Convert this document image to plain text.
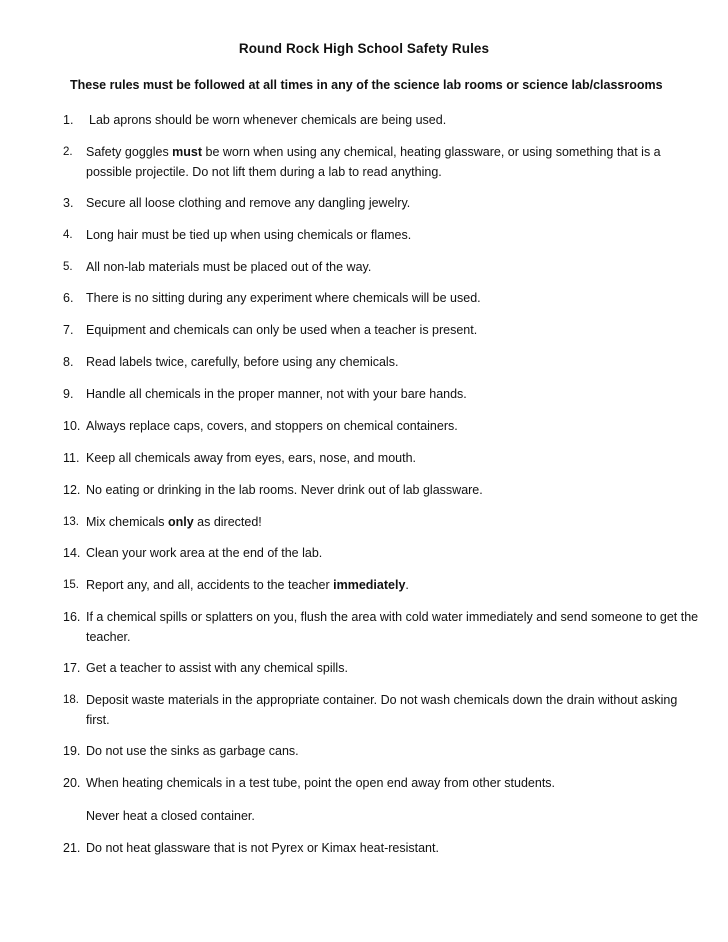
Round Rock High School Safety Rules
These rules must be followed at all times in any of the science lab rooms or science lab/classrooms
1. Lab aprons should be worn whenever chemicals are being used.
2. Safety goggles must be worn when using any chemical, heating glassware, or using something that is a possible projectile. Do not lift them during a lab to read anything.
3. Secure all loose clothing and remove any dangling jewelry.
4. Long hair must be tied up when using chemicals or flames.
5. All non-lab materials must be placed out of the way.
6. There is no sitting during any experiment where chemicals will be used.
7. Equipment and chemicals can only be used when a teacher is present.
8. Read labels twice, carefully, before using any chemicals.
9. Handle all chemicals in the proper manner, not with your bare hands.
10. Always replace caps, covers, and stoppers on chemical containers.
11. Keep all chemicals away from eyes, ears, nose, and mouth.
12. No eating or drinking in the lab rooms. Never drink out of lab glassware.
13. Mix chemicals only as directed!
14. Clean your work area at the end of the lab.
15. Report any, and all, accidents to the teacher immediately.
16. If a chemical spills or splatters on you, flush the area with cold water immediately and send someone to get the teacher.
17. Get a teacher to assist with any chemical spills.
18. Deposit waste materials in the appropriate container. Do not wash chemicals down the drain without asking first.
19. Do not use the sinks as garbage cans.
20. When heating chemicals in a test tube, point the open end away from other students.
Never heat a closed container.
21. Do not heat glassware that is not Pyrex or Kimax heat-resistant.
